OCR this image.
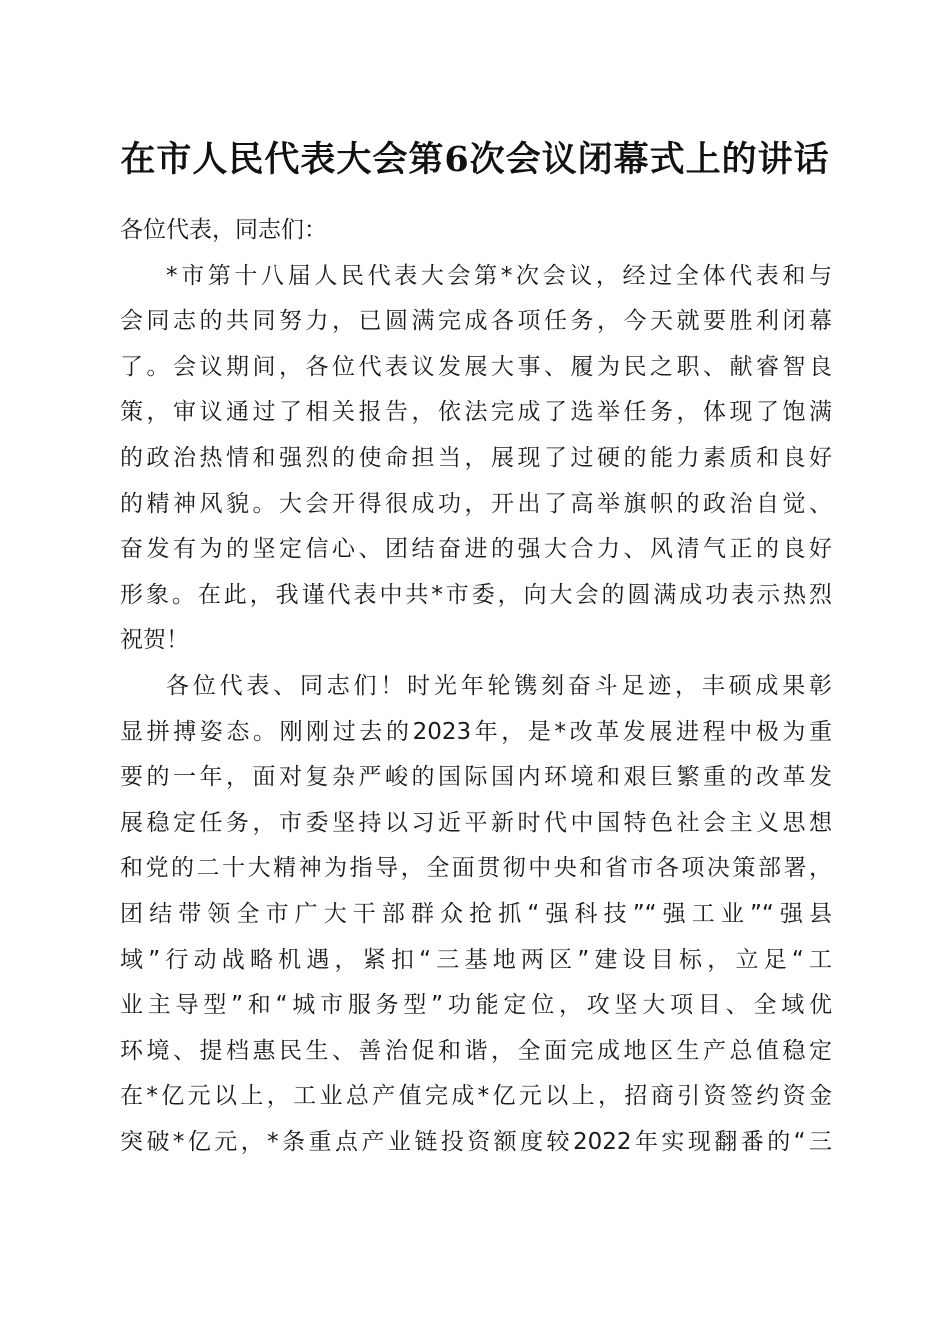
在市人民代表大会第6次会议闭幕式上的讲话
各位代表，同志们：
*市第十八届人民代表大会第*次会议，经过全体代表和与
会同志的共同努力，已圆满完成各项任务，今天就要胜利闭幕
了。会议期间，各位代表议发展大事、履为民之职、献睿智良
策，审议通过了相关报告，依法完成了选举任务，体现了饱满
的政治热情和强烈的使命担当，展现了过硬的能力素质和良好
的精神风貌。大会开得很成功，开出了高举旗帜的政治自觉、
奋发有为的坚定信心、团结奋进的强大合力、风清气正的良好
形象。在此，我谨代表中共*市委，向大会的圆满成功表示热烈
祝贺！
各位代表、同志们！时光年轮镌刻奋斗足迹，丰硕成果彰
显拼搏姿态。刚刚过去的2023年，是*改革发展进程中极为重
要的一年，面对复杂严峻的国际国内环境和艰巨繁重的改革发
展稳定任务，市委坚持以习近平新时代中国特色社会主义思想
和党的二十大精神为指导，全面贯彻中央和省市各项决策部署，
团结带领全市广大干部群众抢抓“强科技”“强工业”“强县
域”行动战略机遇，紧扣“三基地两区”建设目标，立足“工
业主导型”和“城市服务型”功能定位，攻坚大项目、全域优
环境、提档惠民生、善治促和谐，全面完成地区生产总值稳定
在*亿元以上，工业总产值完成*亿元以上，招商引资签约资金
突破*亿元，*条重点产业链投资额度较2022年实现翻番的“三
